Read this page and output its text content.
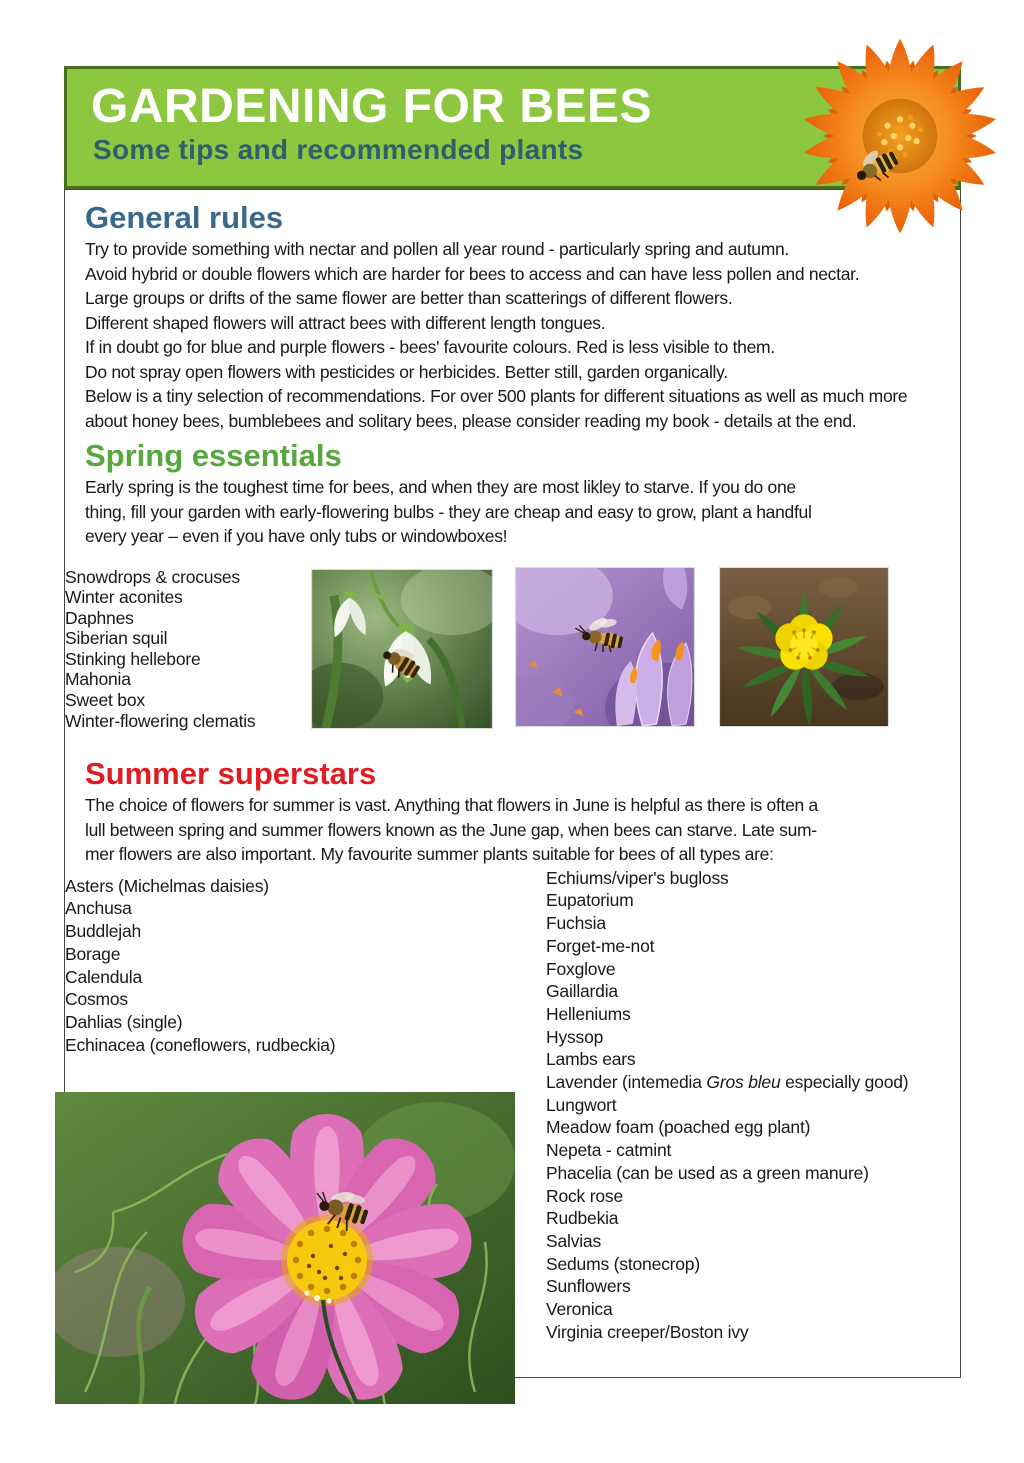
General rules
Try to provide something with nectar and pollen all year round - particularly spring and autumn.
Avoid hybrid or double flowers which are harder for bees to access and can have less pollen and nectar.
Large groups or drifts of the same flower are better than scatterings of different flowers.
Different shaped flowers will attract bees with different length tongues.
If in doubt go for blue and purple flowers - bees' favourite colours. Red is less visible to them.
Do not spray open flowers with pesticides or herbicides. Better still, garden organically.
Below is a tiny selection of recommendations. For over 500 plants for different situations as well as much more
about honey bees, bumblebees and solitary bees, please consider reading my book - details at the end.
Spring essentials
Early spring is the toughest time for bees, and when they are most likley to starve. If you do one
thing, fill your garden with early-flowering bulbs - they are cheap and easy to grow, plant a handful
every year – even if you have only tubs or windowboxes!
Snowdrops & crocuses
Winter aconites
Daphnes
Siberian squil
Stinking hellebore
Mahonia
Sweet box
Winter-flowering clematis
Summer superstars
The choice of flowers for summer is vast. Anything that flowers in June is helpful as there is often a
lull between spring and summer flowers known as the June gap, when bees can starve. Late sum-
mer flowers are also important. My favourite summer plants suitable for bees of all types are:
Asters (Michelmas daisies)
Anchusa
Buddlejah
Borage
Calendula
Cosmos
Dahlias (single)
Echinacea (coneflowers, rudbeckia)
Echiums/viper's bugloss
Eupatorium
Fuchsia
Forget-me-not
Foxglove
Gaillardia
Helleniums
Hyssop
Lambs ears
Lavender (intemedia Gros bleu especially good)
Lungwort
Meadow foam (poached egg plant)
Nepeta - catmint
Phacelia (can be used as a green manure)
Rock rose
Rudbekia
Salvias
Sedums (stonecrop)
Sunflowers
Veronica
Virginia creeper/Boston ivy
GARDENING FOR BEES
Some tips and recommended plants
